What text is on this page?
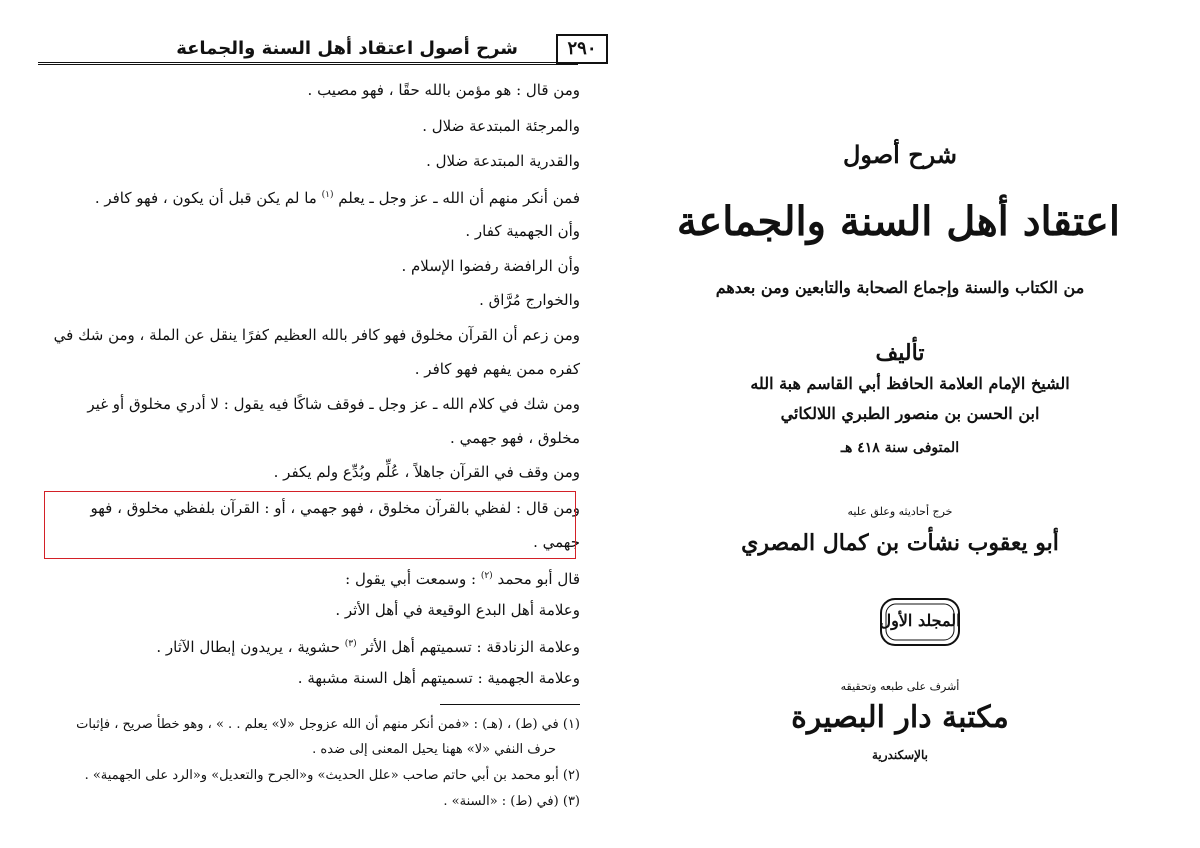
شرح أصول اعتقاد أهل السنة والجماعة	٢٩٠
ومن قال : هو مؤمن بالله حقًا ، فهو مصيب .
والمرجئة المبتدعة ضلال .
والقدرية المبتدعة ضلال .
فمن أنكر منهم أن الله ـ عز وجل ـ يعلم $^{(١)}$ ما لم يكن قبل أن يكون ، فهو كافر .
وأن الجهمية كفار .
وأن الرافضة رفضوا الإسلام .
والخوارج مُرَّاق .
ومن زعم أن القرآن مخلوق فهو كافر بالله العظيم كفرًا ينقل عن الملة ، ومن شك في
كفره ممن يفهم فهو كافر .
ومن شك في كلام الله ـ عز وجل ـ فوقف شاكًا فيه يقول : لا أدري مخلوق أو غير
مخلوق ، فهو جهمي .
ومن وقف في القرآن جاهلاً ، عُلِّم وبُدِّع ولم يكفر .
ومن قال : لفظي بالقرآن مخلوق ، فهو جهمي ، أو : القرآن بلفظي مخلوق ، فهو
جهمي .
قال أبو محمد $^{(٢)}$ : وسمعت أبي يقول :
وعلامة أهل البدع الوقيعة في أهل الأثر .
وعلامة الزنادقة : تسميتهم أهل الأثر $^{(٣)}$ حشوية ، يريدون إبطال الآثار .
وعلامة الجهمية : تسميتهم أهل السنة مشبهة .
(١) في (ط) ، (هـ) : «فمن أنكر منهم أن الله عزوجل «لا» يعلم . . » ، وهو خطأ صريح ، فإثبات
حرف النفي «لا» ههنا يحيل المعنى إلى ضده .
(٢) أبو محمد بن أبي حاتم صاحب «علل الحديث» و«الجرح والتعديل» و«الرد على الجهمية» .
(٣) (في (ط) : «السنة» .
شرح أصول
اعتقاد أهل السنة والجماعة
من الكتاب والسنة وإجماع الصحابة والتابعين ومن بعدهم
تأليف
الشيخ الإمام العلامة الحافظ أبي القاسم هبة الله
ابن الحسن بن منصور الطبري اللالكائي
المتوفى سنة ٤١٨ هـ
خرج أحاديثه وعلق عليه
أبو يعقوب نشأت بن كمال المصري
المجلد الأول
أشرف على طبعه وتحقيقه
مكتبة دار البصيرة
بالإسكندرية
